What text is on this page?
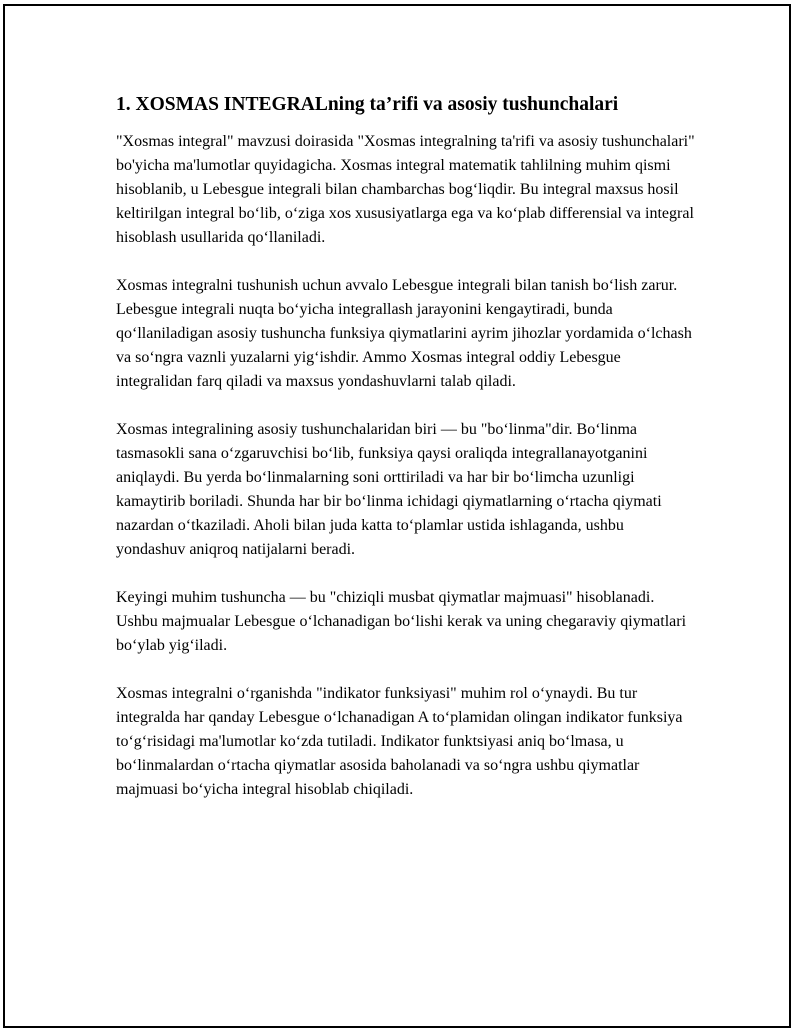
1. XOSMAS INTEGRALning ta’rifi va asosiy tushunchalari

"Xosmas integral" mavzusi doirasida "Xosmas integralning ta'rifi va asosiy tushunchalari" bo'yicha ma'lumotlar quyidagicha. Xosmas integral matematik tahlilning muhim qismi hisoblanib, u Lebesgue integrali bilan chambarchas bog‘liqdir. Bu integral maxsus hosil keltirilgan integral bo‘lib, o‘ziga xos xususiyatlarga ega va ko‘plab differensial va integral hisoblash usullarida qo‘llaniladi.

Xosmas integralni tushunish uchun avvalo Lebesgue integrali bilan tanish bo‘lish zarur. Lebesgue integrali nuqta bo‘yicha integrallash jarayonini kengaytiradi, bunda qo‘llaniladigan asosiy tushuncha funksiya qiymatlarini ayrim jihozlar yordamida o‘lchash va so‘ngra vaznli yuzalarni yig‘ishdir. Ammo Xosmas integral oddiy Lebesgue integralidan farq qiladi va maxsus yondashuvlarni talab qiladi.

Xosmas integralining asosiy tushunchalaridan biri — bu "bo‘linma"dir. Bo‘linma tasmasokli sana o‘zgaruvchisi bo‘lib, funksiya qaysi oraliqda integrallanayotganini aniqlaydi. Bu yerda bo‘linmalarning soni orttiriladi va har bir bo‘limcha uzunligi kamaytirib boriladi. Shunda har bir bo‘linma ichidagi qiymatlarning o‘rtacha qiymati nazardan o‘tkaziladi. Aholi bilan juda katta to‘plamlar ustida ishlaganda, ushbu yondashuv aniqroq natijalarni beradi.

Keyingi muhim tushuncha — bu "chiziqli musbat qiymatlar majmuasi" hisoblanadi. Ushbu majmualar Lebesgue o‘lchanadigan bo‘lishi kerak va uning chegaraviy qiymatlari bo‘ylab yig‘iladi.

Xosmas integralni o‘rganishda "indikator funksiyasi" muhim rol o‘ynaydi. Bu tur integralda har qanday Lebesgue o‘lchanadigan A to‘plamidan olingan indikator funksiya to‘g‘risidagi ma'lumotlar ko‘zda tutiladi. Indikator funktsiyasi aniq bo‘lmasa, u bo‘linmalardan o‘rtacha qiymatlar asosida baholanadi va so‘ngra ushbu qiymatlar majmuasi bo‘yicha integral hisoblab chiqiladi.
